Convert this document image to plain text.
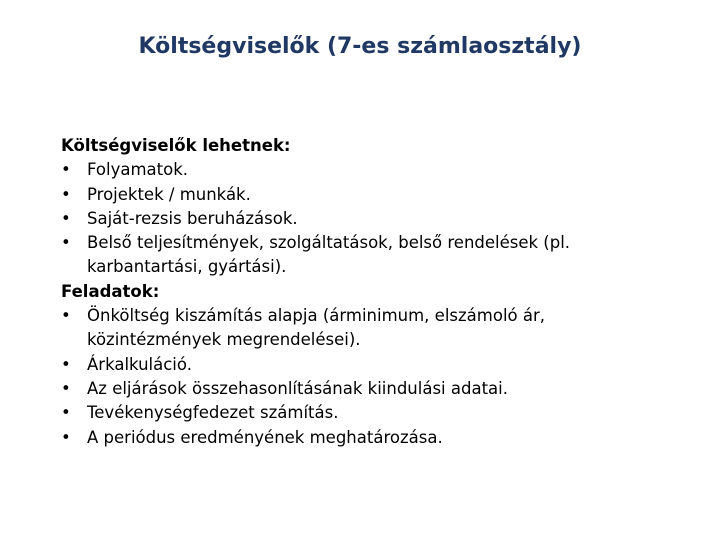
Költségviselők (7-es számlaosztály)

Költségviselők lehetnek:

• Folyamatok.
• Projektek / munkák.
• Saját-rezsis beruházások.
• Belső teljesítmények, szolgáltatások, belső rendelések (pl. karbantartási, gyártási).

Feladatok:

• Önköltség kiszámítás alapja (árminimum, elszámoló ár, közintézmények megrendelései).
• Árkalkuláció.
• Az eljárások összehasonlításának kiindulási adatai.
• Tevékenységfedezet számítás.
• A periódus eredményének meghatározása.
